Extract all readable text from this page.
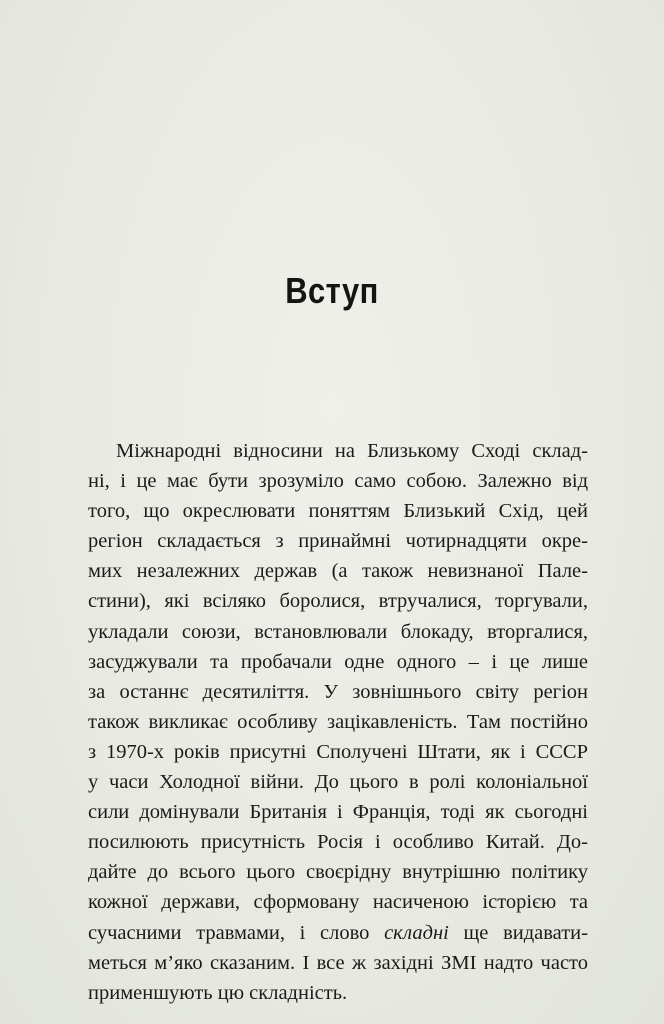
Вступ
Міжнародні відносини на Близькому Сході склад-
ні, і це має бути зрозуміло само собою. Залежно від
того, що окреслювати поняттям Близький Схід, цей
регіон складається з принаймні чотирнадцяти окре-
мих незалежних держав (а також невизнаної Пале-
стини), які всіляко боролися, втручалися, торгували,
укладали союзи, встановлювали блокаду, вторгалися,
засуджували та пробачали одне одного – і це лише
за останнє десятиліття. У зовнішнього світу регіон
також викликає особливу зацікавленість. Там постійно
з 1970-х років присутні Сполучені Штати, як і СССР
у часи Холодної війни. До цього в ролі колоніальної
сили домінували Британія і Франція, тоді як сьогодні
посилюють присутність Росія і особливо Китай. До-
дайте до всього цього своєрідну внутрішню політику
кожної держави, сформовану насиченою історією та
сучасними травмами, і слово складні ще видавати-
меться м’яко сказаним. І все ж західні ЗМІ надто часто
применшують цю складність.
